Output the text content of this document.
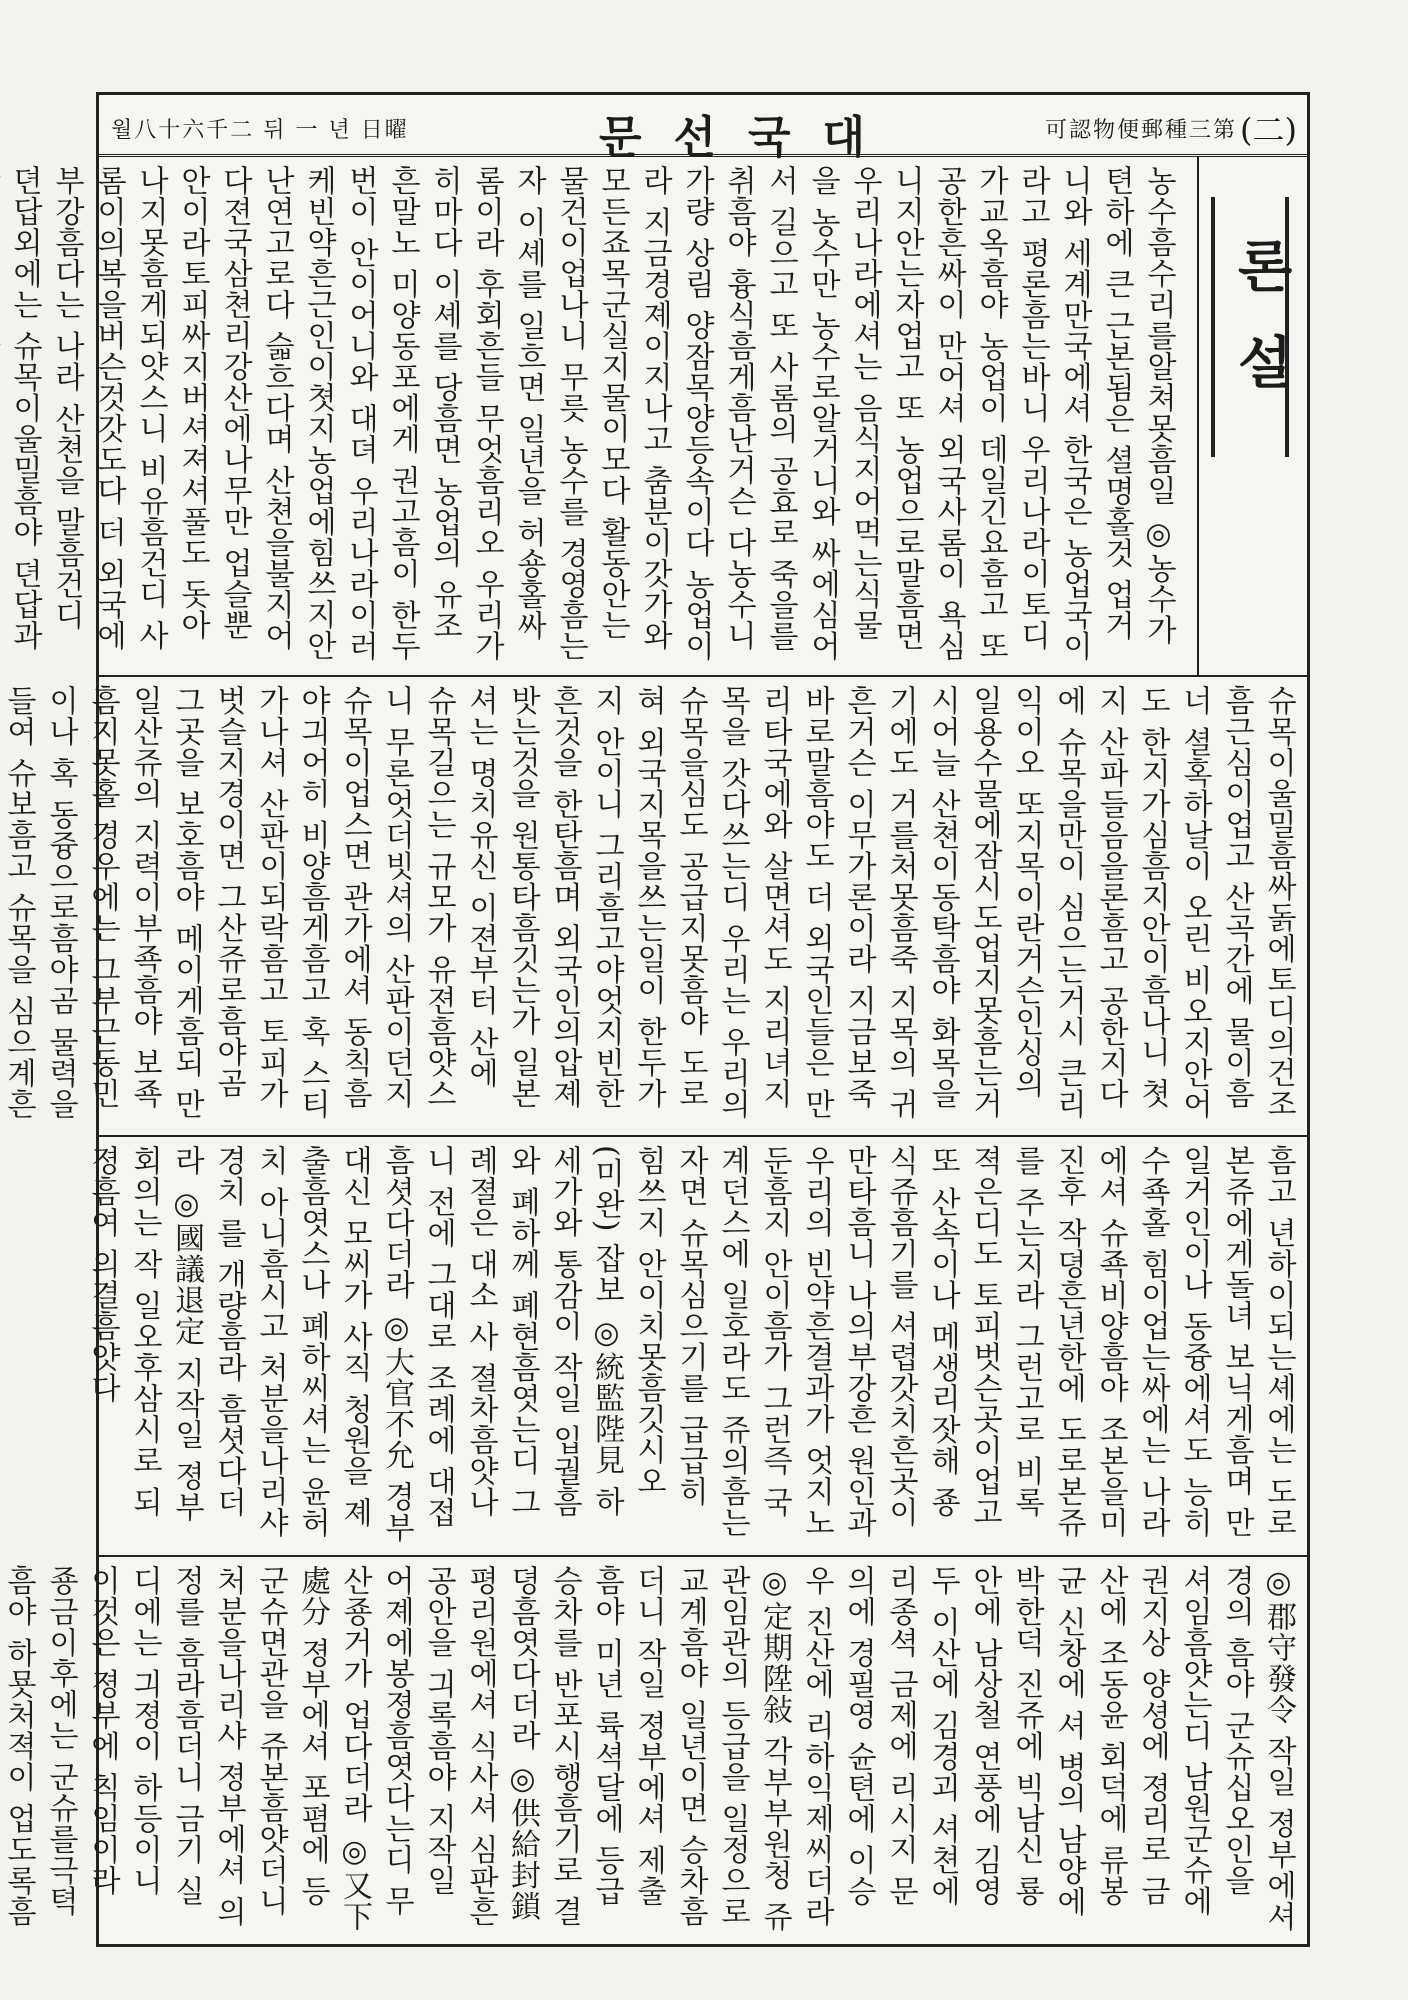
월八十六千二 뒤 一 년 日曜	문선국대	可認物便郵種三第 (二)
론설
농수흠수리를알쳐못흠일 ◎농수가 텬하에 큰 근본됨은 셜명홀것 업거니와 세계만국에셔 한국은 농업국이라고 평론흠는바니 우리나라이토디가교옥흠야 농업이 데일긴요흠고 또 공한흔싸이 만어셔 외국사롬이 욕심니지안는자업고 또 농업으로말흠면 우리나라에셔는 음식지어먹는식물을 농수만 농수로알거니와 싸에심어서 길으고 또 사롬의 공효로 죽을를 취흠야 흉식흠게흠난거슨 다농수니 가량 상림 양잠목양등속이다 농업이라 지금경졔이지나고 춤분이갓가와 모든죠목군실지물이모다 활동안는물건이업나니 무릇 농수를 경영흠는자 이셰를 일흐면 일년을 허숑홀싸롬이라 후회흔들 무엇흠리오 우리가 히마다 이셰를 당흠면 농업의 유조흔말노 미양동포에게 권고흠이 한두번이 안이어니와 대뎌 우리나라이러케빈약흔근인이쳣지농업에힘쓰지안난연고로다 슯흐다며 산쳔을불지어다젼국삼쳔리강산에나무만 업슬뿐 안이라토피싸지버셔져셔풀도 돗아나지못흠게되얏스니 비유흠건디 사롬이의복을버슨것갓도다 더 외국에 부강흠다는 나라 산쳔을 말흠건디 뎐답외에는 슈목이울밀흠야 뎐답과
슈목이울밀흠싸돍에토디의건조흠근심이업고 산곡간에 물이흠너 셜혹하날이 오린 비오지안어도 한지가심흠지안이흠나니 쳣지 산파들음을론흠고 공한지다에 슈목을만이 심으는거시 큰리익이오 또지목이란거슨인싱의일용수물에잠시도업지못흠는거시어늘 산쳔이동탁흠야 화목을기에도 거를처못흠죽 지목의 귀흔거슨 이무가론이라 지금보죽바로말흠야도 더 외국인들은 만리타국에와 살면셔도 지리녀지목을 갓다쓰는디 우리는 우리의 슈목을심도 공급지못흠야 도로혀 외국지목을쓰는일이 한두가지 안이니 그리흠고야엇지빈한흔것을 한탄흠며 외국인의압졔밧는것을 원통타흠깃는가 일본셔는 명치유신 이젼부터 산에 슈목길으는 규모가 유젼흠얏스니 무론엇더빗셔의 산판이던지 슈목이업스면 관가에셔 동칙흠야긔어히 비양흠게흠고 혹 스티가나셔 산판이되락흠고 토피가 벗슬지경이면 그산쥬로흠야곰 그곳을 보호흠야 메이게흠되 만일산쥬의 지력이부죡흠야 보죡흠지못홀 경우에는 그부근동민이나 혹 동즁으로흠야곰 물력을들여 슈보흠고 슈목을 심으계흔
흠고 년하이되는셰에는 도로 본쥬에게돌녀 보닉게흠며 만일거인이나 동즁에셔도 능히수죡홀 힘이업는싸에는 나라에셔 슈죡비양흠야 조본을미진후 작뎡흔년한에 도로본쥬를 주는지라 그런고로 비록젹은디도 토피벗슨곳이업고 또 산속이나 메생리잣해 죵식쥬흠기를 셔렵갓치흔곳이만타흠니 나의부강흔 원인과 우리의 빈약흔결과가 엇지노둔흠지 안이흠가 그런즉 국계던스에 일호라도 쥬의흠는자면 슈목심으기를 급급히 힘쓰지 안이치못흠깃시오 (미완) 잡보 ◎統監陛見 하세가와 통감이 작일 입궐흠와 폐하께 폐현흠엿는디 그 례졀은 대소 사 졀차흠얏나니 전에 그대로 조례에 대접흠셧다더라 ◎大官不允 경부대신 모씨가 사직 청원을 졔출흠엿스나 폐하씨셔는 윤허치 아니흠시고 처분을나리샤 경치 를 개량흠라 흠셧다더라 ◎國議退定 지작일 졍부회의는 작 일오후삼시로 되졍흠여 의결흠얏다
◎郡守發令 작일 졍부에셔 경의 흠야 군슈십오인을 셔임흠얏는디 남원군슈에 권지상 양셩에 졍리로 금산에 조동윤 회덕에 류봉균 신창에 셔 병의 남양에 박한덕 진쥬에 빅남신 룡안에 남상철 연풍에 김영두 이산에 김경괴 셔쳔에 리종셕 금제에 리시지 문의에 경필영 슌텬에 이승우 진산에 리하익제씨더라 ◎定期陞敍 각부부원청 쥬관임관의 등급을 일정으로 교계흠야 일년이면 승차흠더니 작일 졍부에셔 제출흠야 미년 륙셕달에 등급승차를 반포시행흠기로 결뎡흠엿다더라 ◎供給封鎖 평리원에셔 식사셔 심판흔공안을 긔록흠야 지작일 어졔에봉졍흠엿다는디 무산죵거가 업다더라 ◎又下處分 졍부에셔 포폄에 등 군슈면관을 쥬본흠얏더니 처분을나리샤 졍부에셔 의정를 흠라흠더니 금기 실디에는 긔졍이 하등이니 이것은 졍부에 칙임이라 죵금이후에는 군슈를극텩흠야 하묫처젹이 업도록흠
